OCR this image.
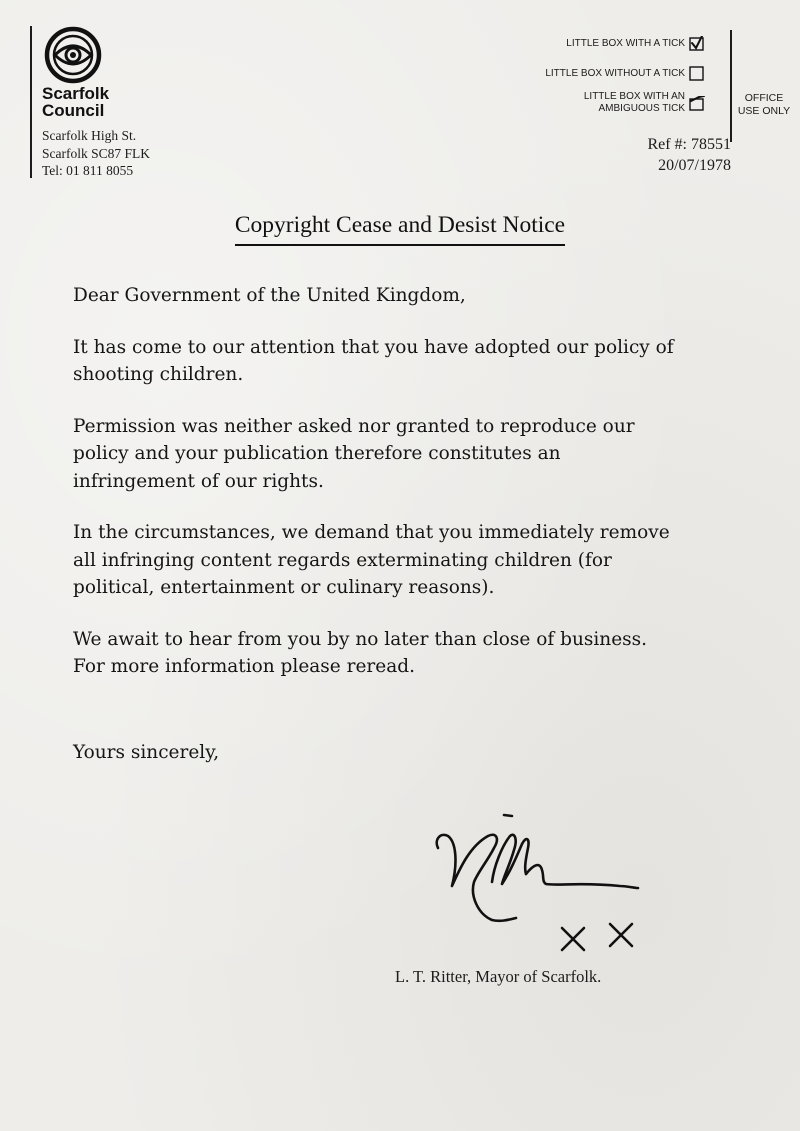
Scarfolk
Council
Scarfolk High St.
Scarfolk SC87 FLK
Tel: 01 811 8055
LITTLE BOX WITH A TICK
LITTLE BOX WITHOUT A TICK
LITTLE BOX WITH AN
AMBIGUOUS TICK
OFFICE
USE ONLY
Ref #: 78551
20/07/1978
Copyright Cease and Desist Notice

Dear Government of the United Kingdom,

It has come to our attention that you have adopted our policy of
shooting children.

Permission was neither asked nor granted to reproduce our
policy and your publication therefore constitutes an
infringement of our rights.

In the circumstances, we demand that you immediately remove
all infringing content regards exterminating children (for
political, entertainment or culinary reasons).

We await to hear from you by no later than close of business.
For more information please reread.

Yours sincerely,
L. T. Ritter, Mayor of Scarfolk.
